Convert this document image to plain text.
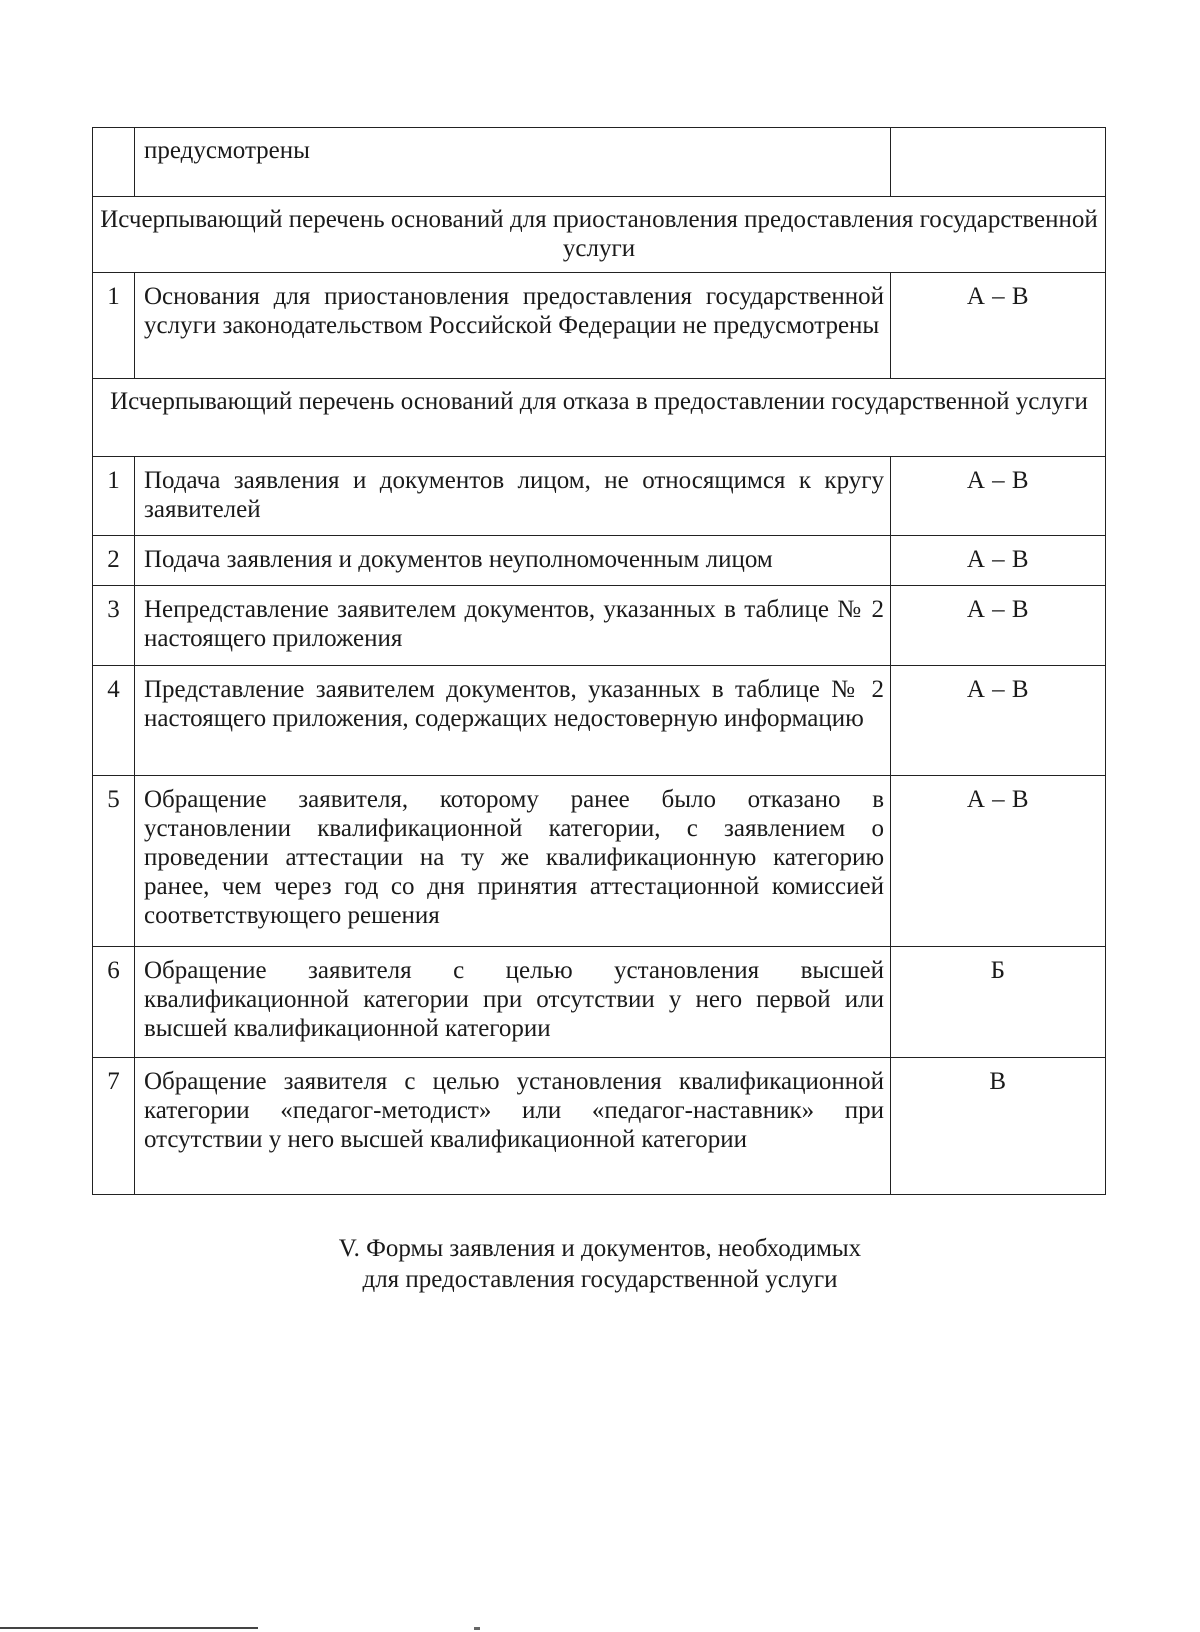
	предусмотрены	
Исчерпывающий перечень оснований для приостановления предоставления государственной услуги		
1	Основания для приостановления предоставления государственной услуги законодательством Российской Федерации не предусмотрены	А – В
Исчерпывающий перечень оснований для отказа в предоставлении государственной услуги		
1	Подача заявления и документов лицом, не относящимся к кругу заявителей	А – В
2	Подача заявления и документов неуполномоченным лицом	А – В
3	Непредставление заявителем документов, указанных в таблице № 2 настоящего приложения	А – В
4	Представление заявителем документов, указанных в таблице № 2 настоящего приложения, содержащих недостоверную информацию	А – В
5	Обращение заявителя, которому ранее было отказано в установлении квалификационной категории, с заявлением о проведении аттестации на ту же квалификационную категорию ранее, чем через год со дня принятия аттестационной комиссией соответствующего решения	А – В
6	Обращение заявителя с целью установления высшей квалификационной категории при отсутствии у него первой или высшей квалификационной категории	Б
7	Обращение заявителя с целью установления квалификационной категории «педагог-методист» или «педагог-наставник» при отсутствии у него высшей квалификационной категории	В
V. Формы заявления и документов, необходимых
для предоставления государственной услуги
